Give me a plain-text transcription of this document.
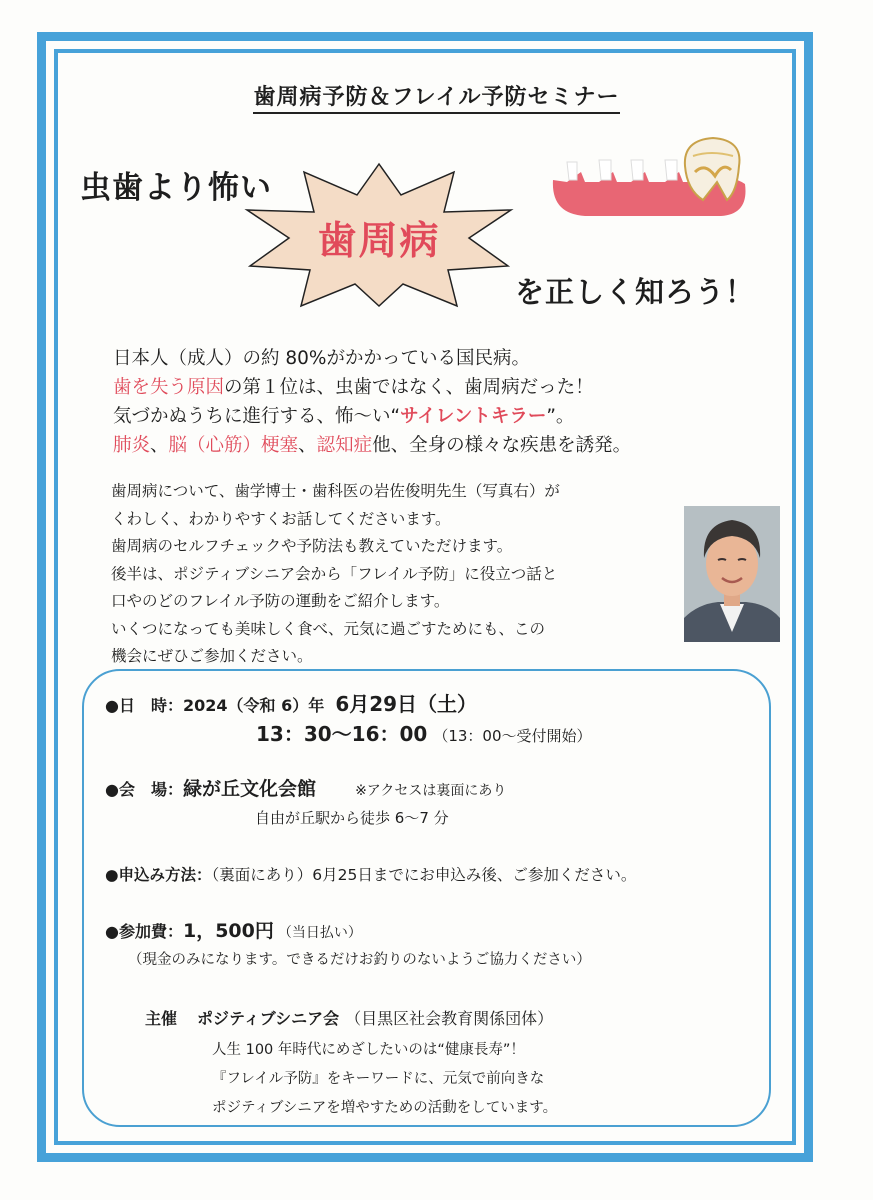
歯周病予防＆フレイル予防セミナー
虫歯より怖い
歯周病
を正しく知ろう！
日本人（成人）の約 80%がかかっている国民病。
歯を失う原因の第１位は、虫歯ではなく、歯周病だった！
気づかぬうちに進行する、怖〜い“サイレントキラー”。
肺炎、脳（心筋）梗塞、認知症他、全身の様々な疾患を誘発。
歯周病について、歯学博士・歯科医の岩佐俊明先生（写真右）が
くわしく、わかりやすくお話してくださいます。
歯周病のセルフチェックや予防法も教えていただけます。
後半は、ポジティブシニア会から「フレイル予防」に役立つ話と
口やのどのフレイル予防の運動をご紹介します。
いくつになっても美味しく食べ、元気に過ごすためにも、この
機会にぜひご参加ください。
●日　時：2024（令和 6）年 6月29日（土）
13：30〜16：00 （13：00〜受付開始）
●会　場：緑が丘文化会館	※アクセスは裏面にあり
自由が丘駅から徒歩 6〜7 分
●申込み方法：（裏面にあり）6月25日までにお申込み後、ご参加ください。
●参加費：1，500円 （当日払い）
（現金のみになります。できるだけお釣りのないようご協力ください）
主催 ポジティブシニア会 （目黒区社会教育関係団体）
人生 100 年時代にめざしたいのは“健康長寿”！
『フレイル予防』をキーワードに、元気で前向きな
ポジティブシニアを増やすための活動をしています。
